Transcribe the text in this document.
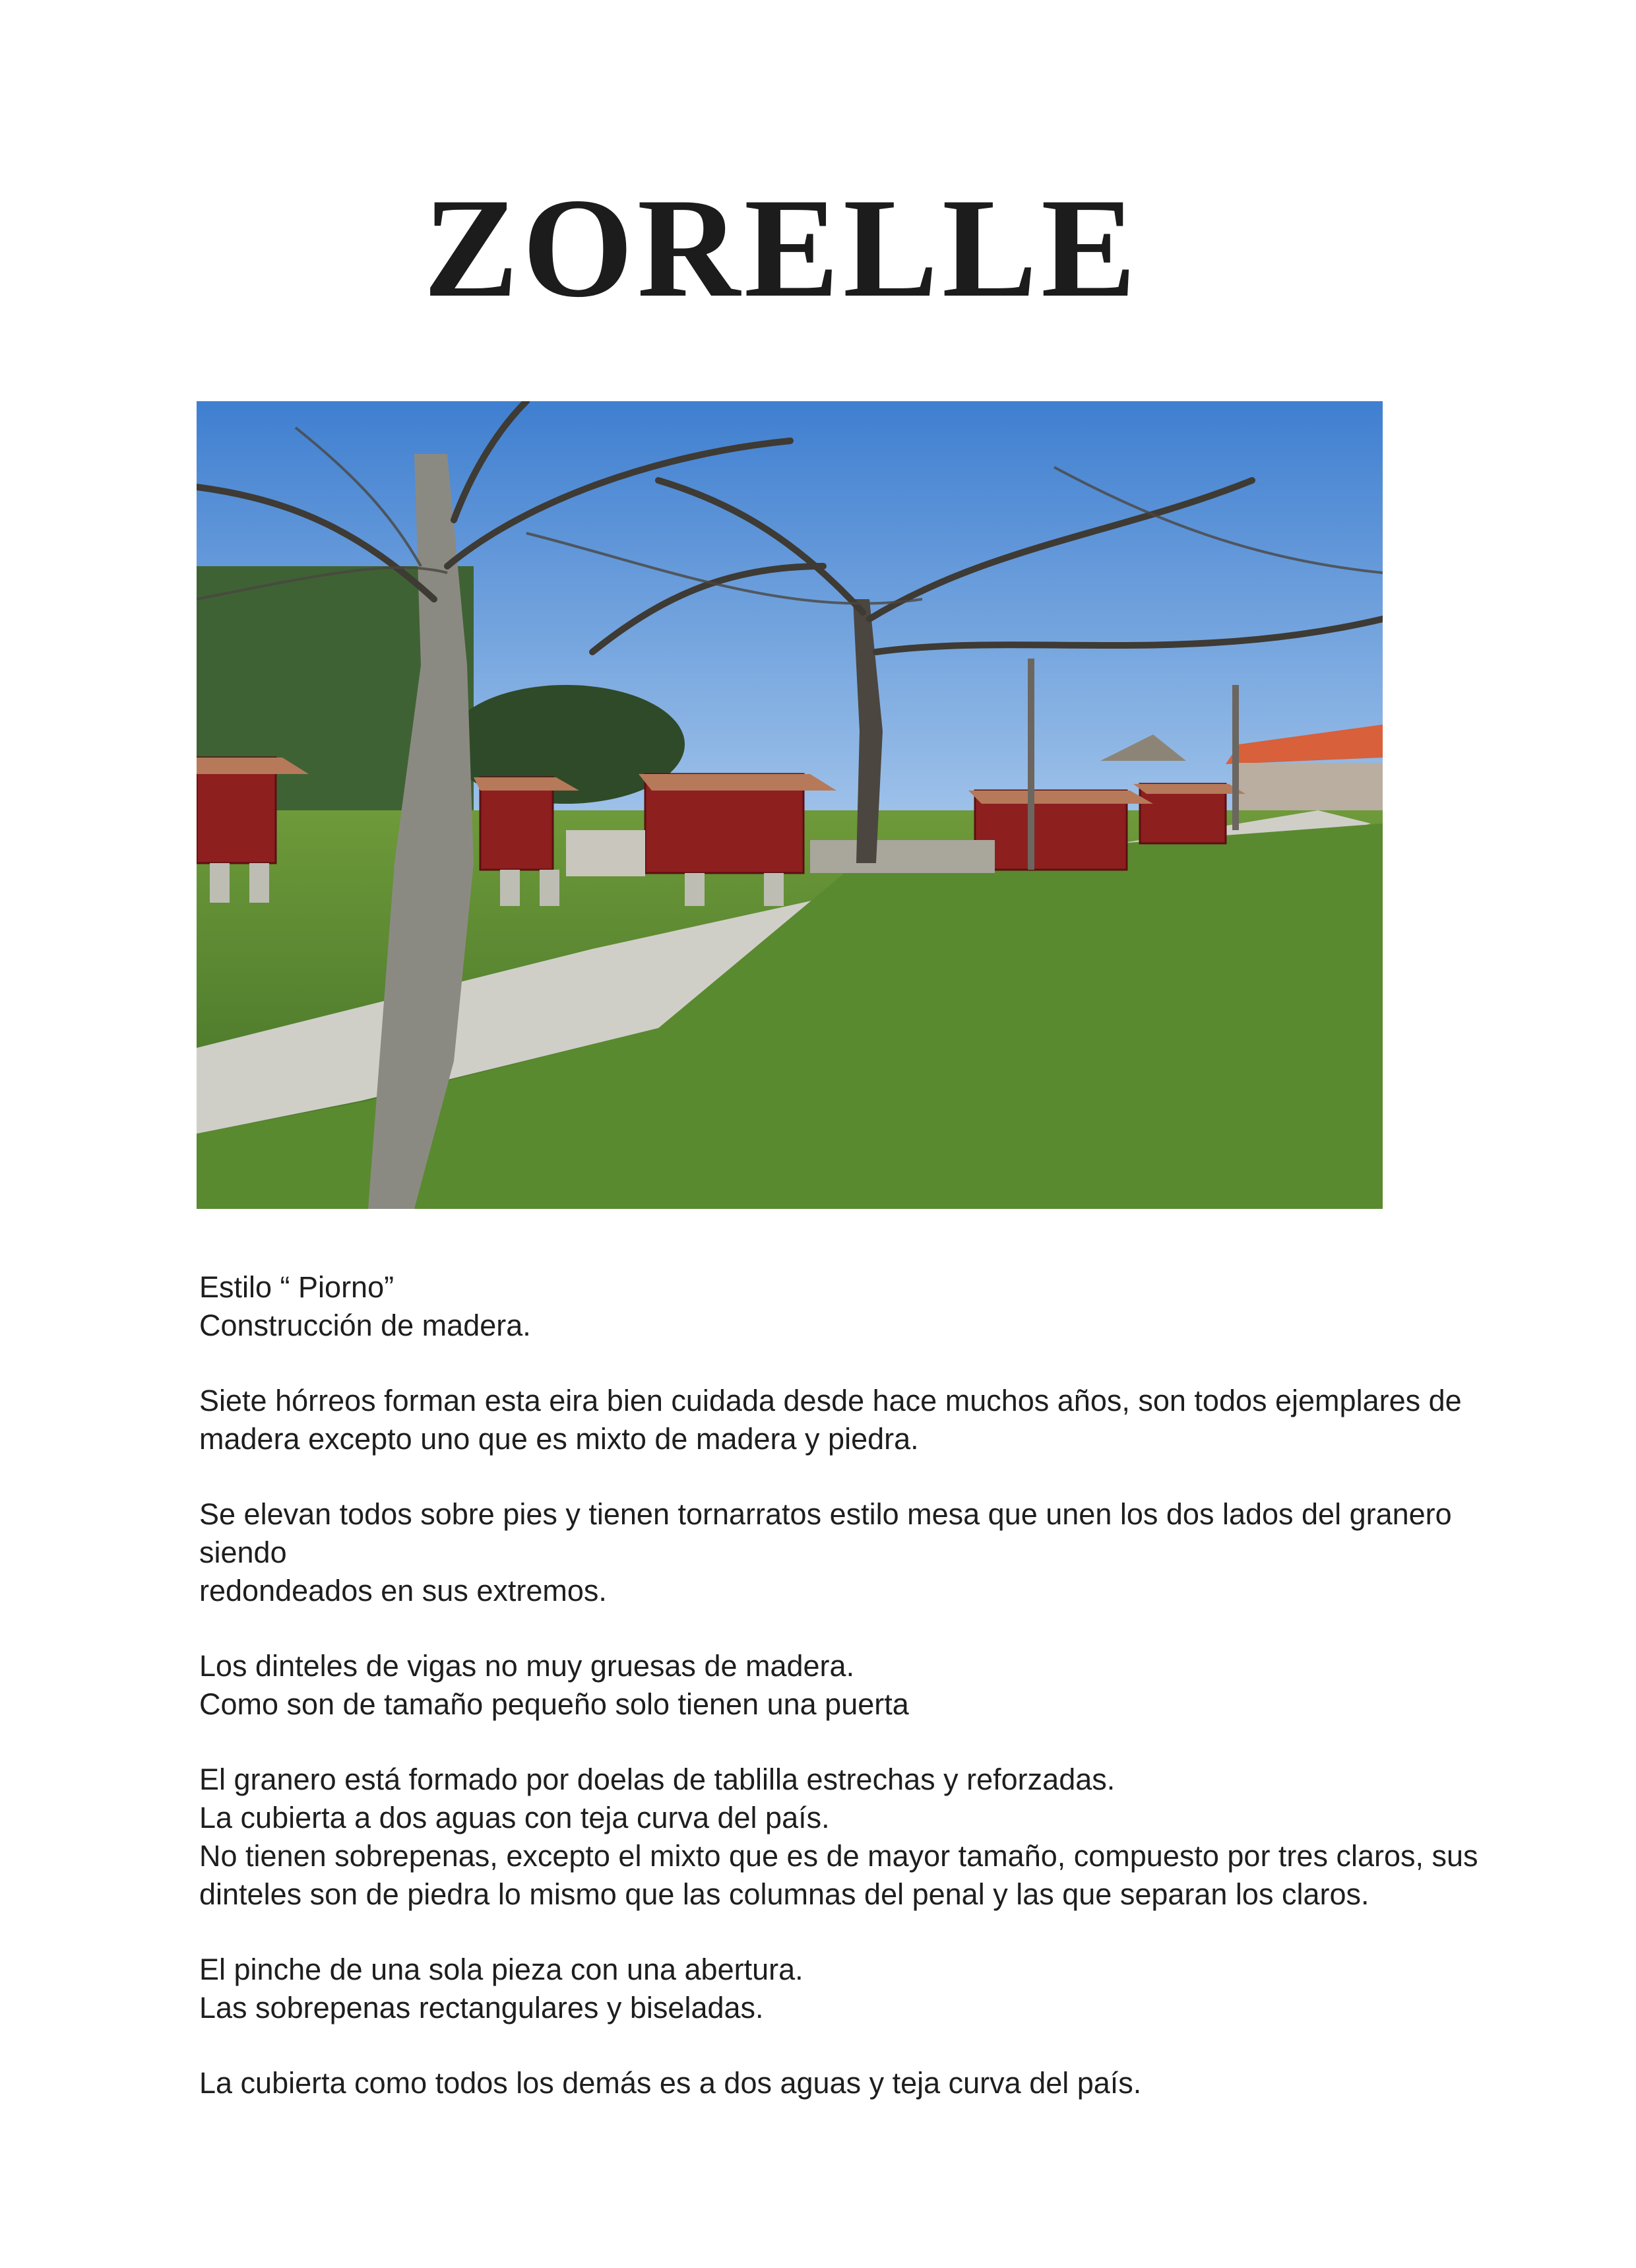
ZORELLE

Estilo “ Piorno”
Construcción de madera.

Siete hórreos forman esta eira bien cuidada desde hace muchos años, son todos ejemplares de
madera excepto uno que es mixto de madera y piedra.

Se elevan todos sobre pies y tienen tornarratos estilo mesa que unen los dos lados del granero siendo
redondeados en sus extremos.

Los dinteles de vigas no muy gruesas de madera.
Como son de tamaño pequeño solo tienen una puerta

El granero está formado por doelas de tablilla estrechas y reforzadas.
La cubierta a dos aguas con teja curva del país.
No tienen sobrepenas, excepto el mixto que es de mayor tamaño, compuesto por tres claros, sus
dinteles son de piedra lo mismo que las columnas del penal y las que separan los claros.

El pinche de una sola pieza con una abertura.
Las sobrepenas rectangulares y biseladas.

La cubierta como todos los demás es a dos aguas y teja curva del país.
